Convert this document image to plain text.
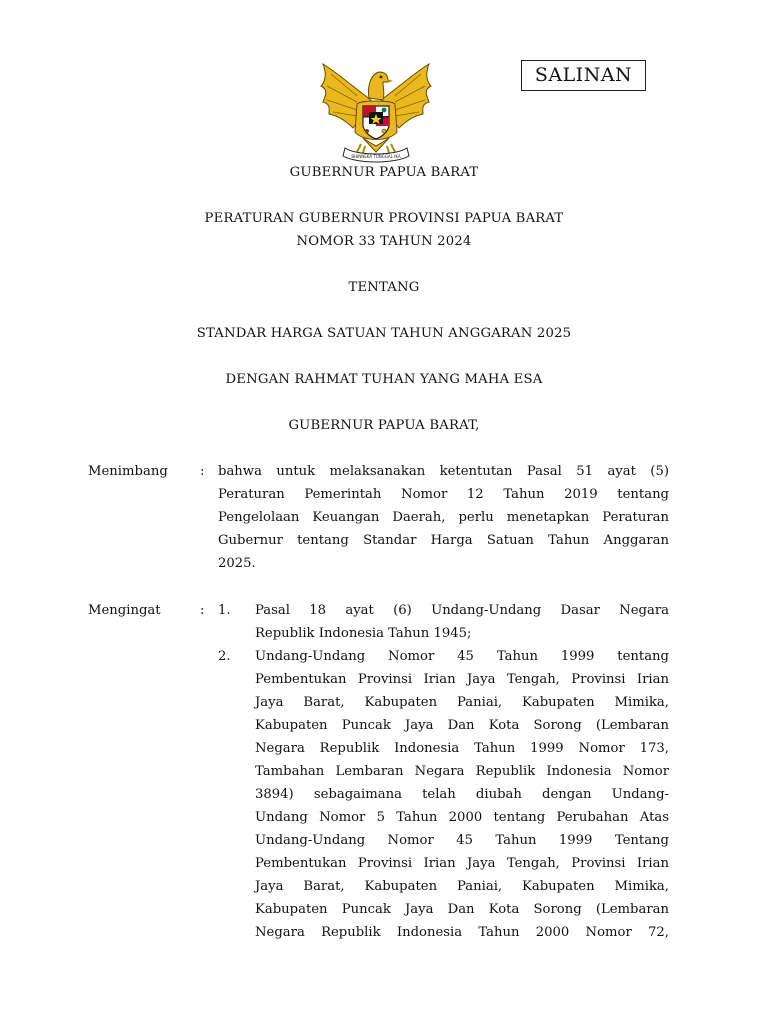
BHINNEKA TUNGGAL IKA
SALINAN
GUBERNUR PAPUA BARAT
PERATURAN GUBERNUR PROVINSI PAPUA BARAT
NOMOR 33 TAHUN 2024
TENTANG
STANDAR HARGA SATUAN TAHUN ANGGARAN 2025
DENGAN RAHMAT TUHAN YANG MAHA ESA
GUBERNUR PAPUA BARAT,
Menimbang : bahwa untuk melaksanakan ketentutan Pasal 51 ayat (5)
Peraturan Pemerintah Nomor 12 Tahun 2019 tentang
Pengelolaan Keuangan Daerah, perlu menetapkan Peraturan
Gubernur tentang Standar Harga Satuan Tahun Anggaran
2025.
Mengingat	: 1. Pasal 18 ayat (6) Undang-Undang Dasar Negara
Republik Indonesia Tahun 1945;
2. Undang-Undang Nomor 45 Tahun 1999 tentang
Pembentukan Provinsi Irian Jaya Tengah, Provinsi Irian
Jaya Barat, Kabupaten Paniai, Kabupaten Mimika,
Kabupaten Puncak Jaya Dan Kota Sorong (Lembaran
Negara Republik Indonesia Tahun 1999 Nomor 173,
Tambahan Lembaran Negara Republik Indonesia Nomor
3894) sebagaimana telah diubah dengan Undang-
Undang Nomor 5 Tahun 2000 tentang Perubahan Atas
Undang-Undang Nomor 45 Tahun 1999 Tentang
Pembentukan Provinsi Irian Jaya Tengah, Provinsi Irian
Jaya Barat, Kabupaten Paniai, Kabupaten Mimika,
Kabupaten Puncak Jaya Dan Kota Sorong (Lembaran
Negara Republik Indonesia Tahun 2000 Nomor 72,
